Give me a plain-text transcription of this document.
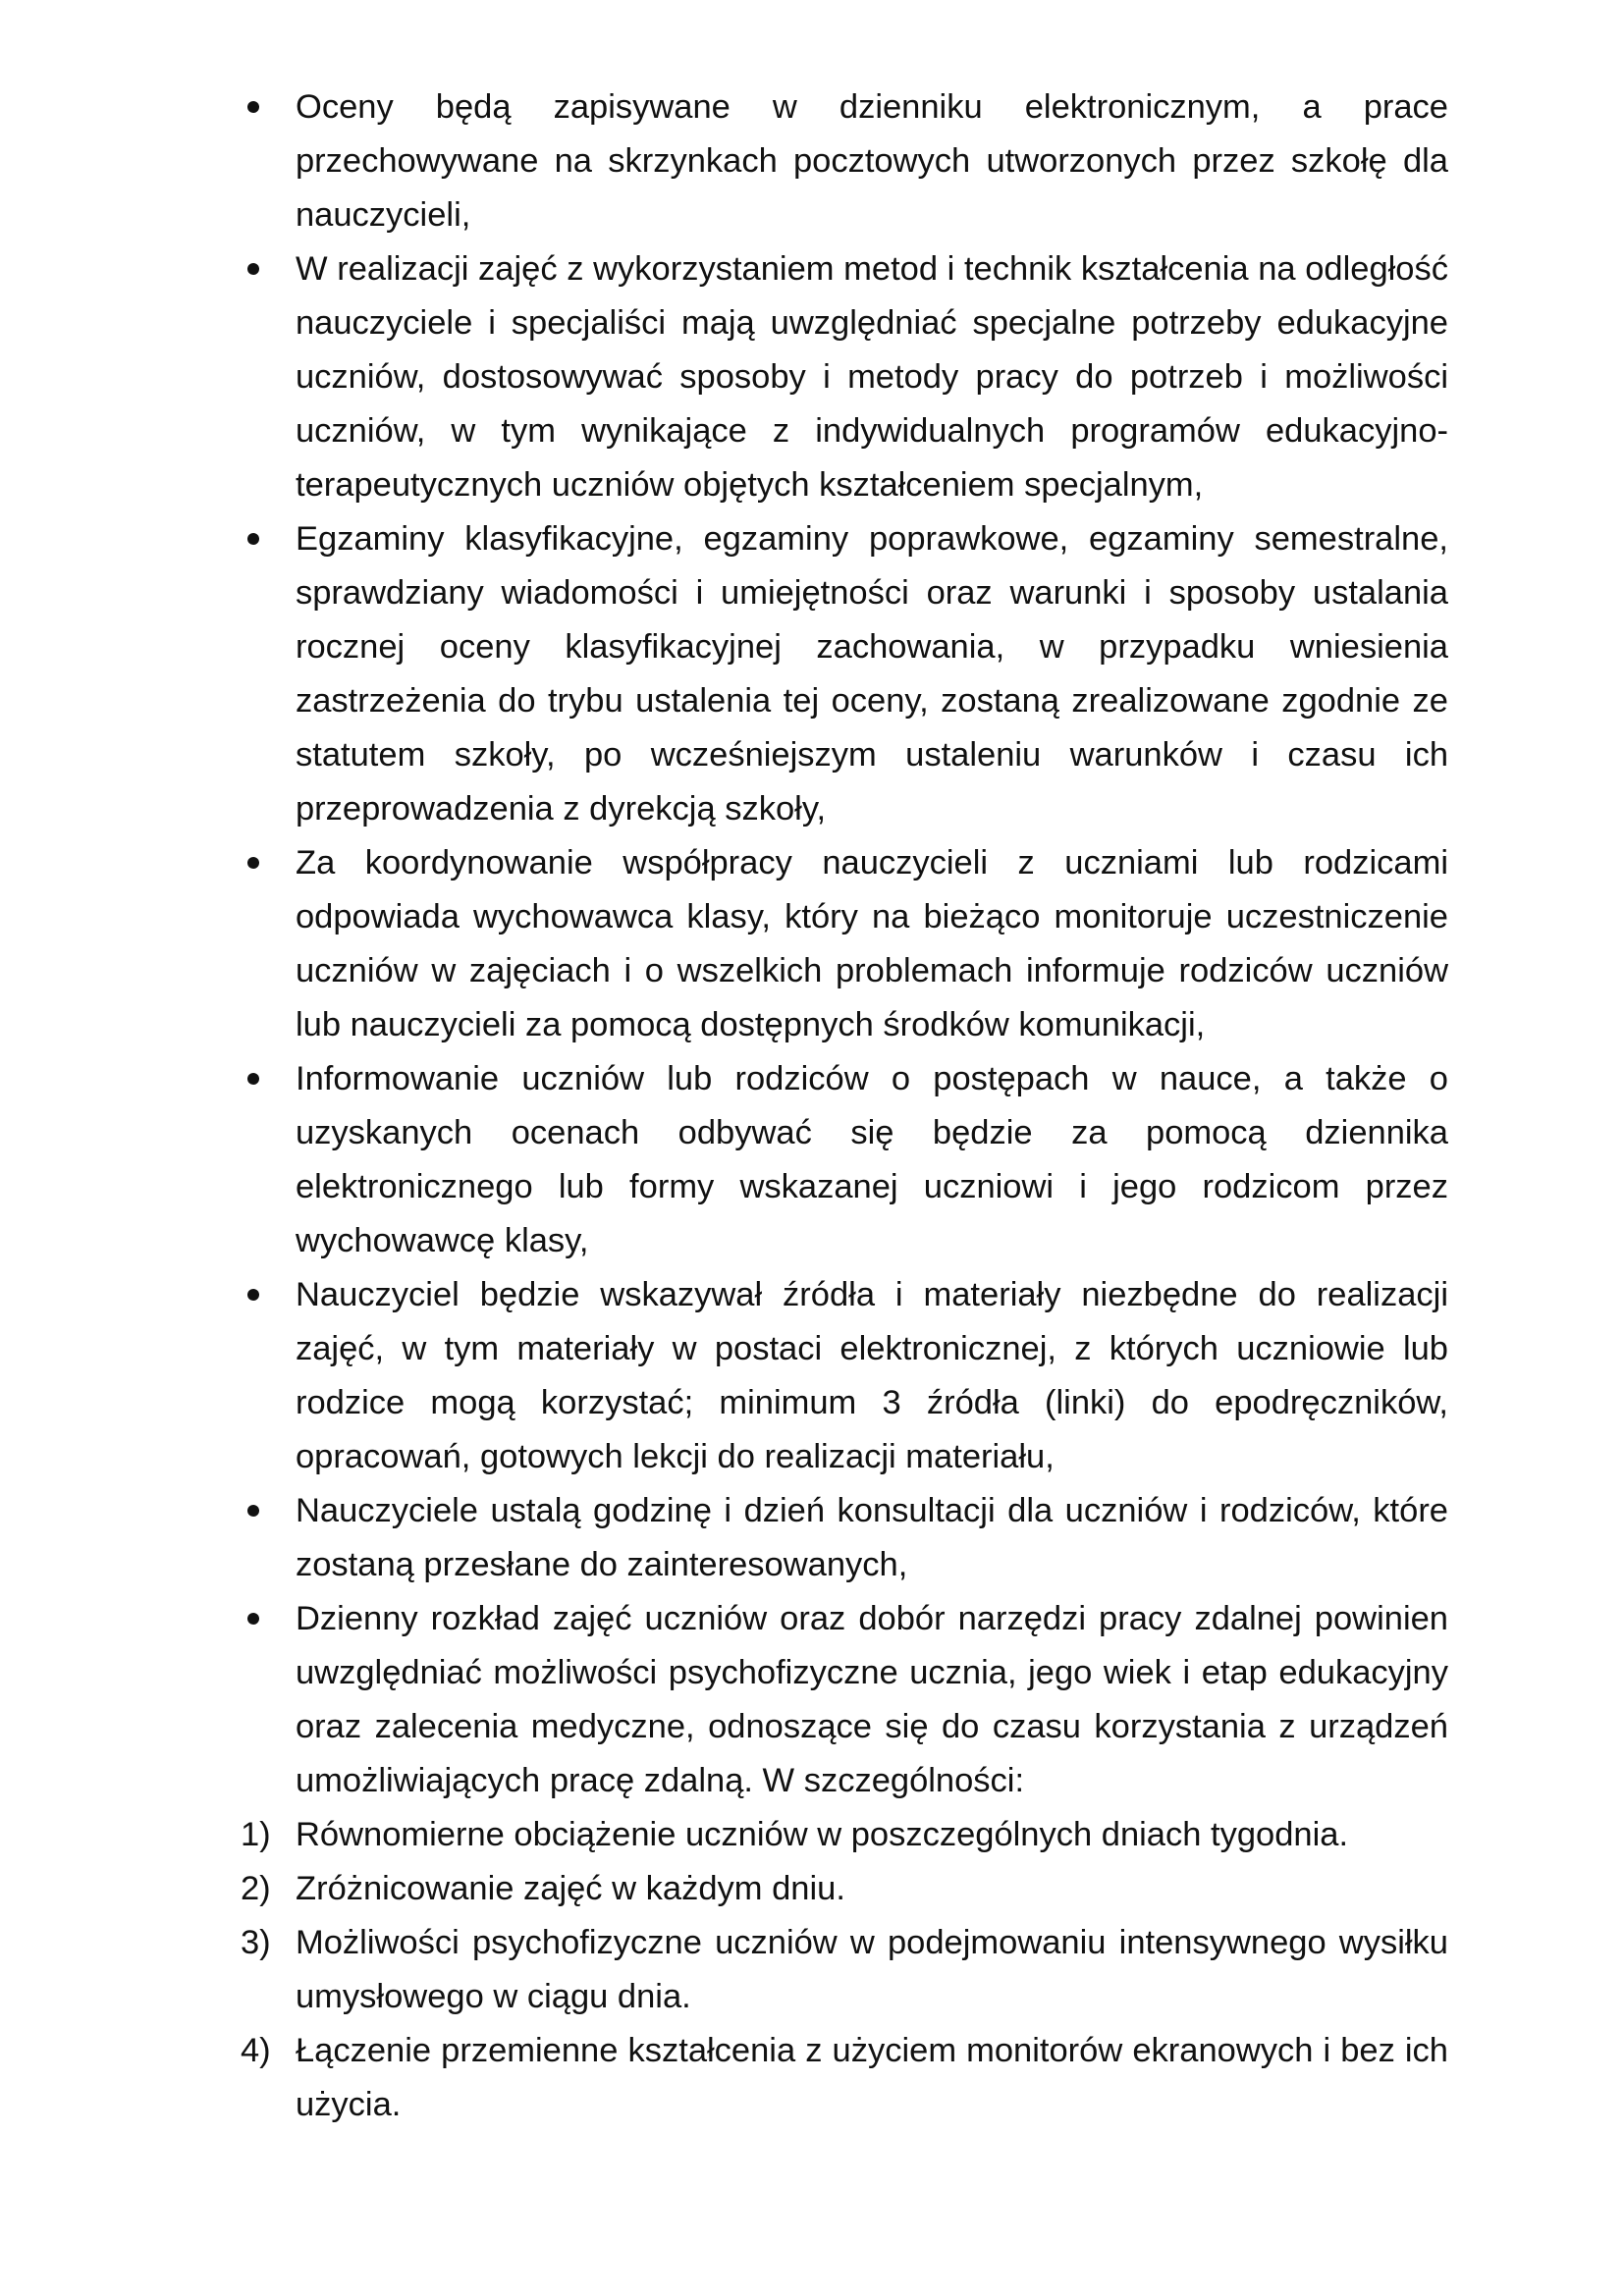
Oceny będą zapisywane w dzienniku elektronicznym, a prace przechowywane na skrzynkach pocztowych utworzonych przez szkołę dla nauczycieli,
W realizacji zajęć z wykorzystaniem metod i technik kształcenia na odległość nauczyciele i specjaliści mają uwzględniać specjalne potrzeby edukacyjne uczniów, dostosowywać sposoby i metody pracy do potrzeb i możliwości uczniów, w tym wynikające z indywidualnych programów edukacyjno-terapeutycznych uczniów objętych kształceniem specjalnym,
Egzaminy klasyfikacyjne, egzaminy poprawkowe, egzaminy semestralne, sprawdziany wiadomości i umiejętności oraz warunki i sposoby ustalania rocznej oceny klasyfikacyjnej zachowania, w przypadku wniesienia zastrzeżenia do trybu ustalenia tej oceny, zostaną zrealizowane zgodnie ze statutem szkoły, po wcześniejszym ustaleniu warunków i czasu ich przeprowadzenia z dyrekcją szkoły,
Za koordynowanie współpracy nauczycieli z uczniami lub rodzicami odpowiada wychowawca klasy, który na bieżąco monitoruje uczestniczenie uczniów w zajęciach i o wszelkich problemach informuje rodziców uczniów lub nauczycieli za pomocą dostępnych środków komunikacji,
Informowanie uczniów lub rodziców o postępach w nauce, a także o uzyskanych ocenach odbywać się będzie za pomocą dziennika elektronicznego lub formy wskazanej uczniowi i jego rodzicom przez wychowawcę klasy,
Nauczyciel będzie wskazywał źródła i materiały niezbędne do realizacji zajęć, w tym materiały w postaci elektronicznej, z których uczniowie lub rodzice mogą korzystać; minimum 3 źródła (linki) do epodręczników, opracowań, gotowych lekcji do realizacji materiału,
Nauczyciele ustalą godzinę i dzień konsultacji dla uczniów i rodziców, które zostaną przesłane do zainteresowanych,
Dzienny rozkład zajęć uczniów oraz dobór narzędzi pracy zdalnej powinien uwzględniać możliwości psychofizyczne ucznia, jego wiek i etap edukacyjny oraz zalecenia medyczne, odnoszące się do czasu korzystania z urządzeń umożliwiających pracę zdalną. W szczególności:
1) Równomierne obciążenie uczniów w poszczególnych dniach tygodnia.
2) Zróżnicowanie zajęć w każdym dniu.
3) Możliwości psychofizyczne uczniów w podejmowaniu intensywnego wysiłku umysłowego w ciągu dnia.
4) Łączenie przemienne kształcenia z użyciem monitorów ekranowych i bez ich użycia.
